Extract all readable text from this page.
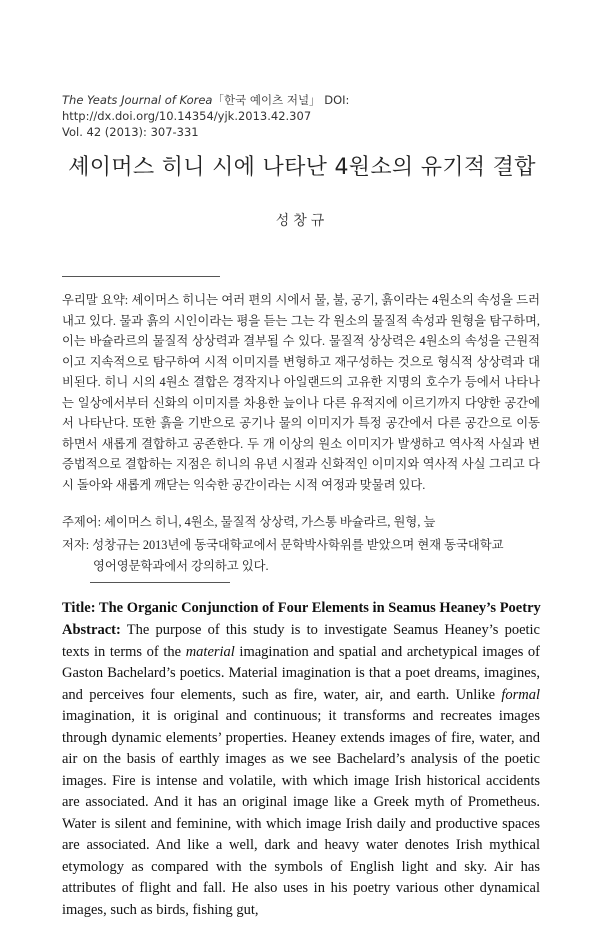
The Yeats Journal of Korea「한국 예이츠 저널」 DOI: http://dx.doi.org/10.14354/yjk.2013.42.307
Vol. 42 (2013): 307-331
셰이머스 히니 시에 나타난 4원소의 유기적 결합
성창규
우리말 요약: 셰이머스 히니는 여러 편의 시에서 물, 불, 공기, 흙이라는 4원소의 속성을 드러내고 있다. 물과 흙의 시인이라는 평을 듣는 그는 각 원소의 물질적 속성과 원형을 탐구하며, 이는 바슐라르의 물질적 상상력과 결부될 수 있다. 물질적 상상력은 4원소의 속성을 근원적이고 지속적으로 탐구하여 시적 이미지를 변형하고 재구성하는 것으로 형식적 상상력과 대비된다. 히니 시의 4원소 결합은 경작지나 아일랜드의 고유한 지명의 호수가 등에서 나타나는 일상에서부터 신화의 이미지를 차용한 늪이나 다른 유적지에 이르기까지 다양한 공간에서 나타난다. 또한 흙을 기반으로 공기나 물의 이미지가 특정 공간에서 다른 공간으로 이동하면서 새롭게 결합하고 공존한다. 두 개 이상의 원소 이미지가 발생하고 역사적 사실과 변증법적으로 결합하는 지점은 히니의 유년 시절과 신화적인 이미지와 역사적 사실 그리고 다시 돌아와 새롭게 깨닫는 익숙한 공간이라는 시적 여정과 맞물려 있다.
주제어: 셰이머스 히니, 4원소, 물질적 상상력, 가스통 바슐라르, 원형, 늪
저자: 성창규는 2013년에 동국대학교에서 문학박사학위를 받았으며 현재 동국대학교
영어영문학과에서 강의하고 있다.
Title: The Organic Conjunction of Four Elements in Seamus Heaney’s Poetry
Abstract: The purpose of this study is to investigate Seamus Heaney’s poetic texts in terms of the material imagination and spatial and archetypical images of Gaston Bachelard’s poetics. Material imagination is that a poet dreams, imagines, and perceives four elements, such as fire, water, air, and earth. Unlike formal imagination, it is original and continuous; it transforms and recreates images through dynamic elements’ properties. Heaney extends images of fire, water, and air on the basis of earthly images as we see Bachelard’s analysis of the poetic images. Fire is intense and volatile, with which image Irish historical accidents are associated. And it has an original image like a Greek myth of Prometheus. Water is silent and feminine, with which image Irish daily and productive spaces are associated. And like a well, dark and heavy water denotes Irish mythical etymology as compared with the symbols of English light and sky. Air has attributes of flight and fall. He also uses in his poetry various other dynamical images, such as birds, fishing gut,
